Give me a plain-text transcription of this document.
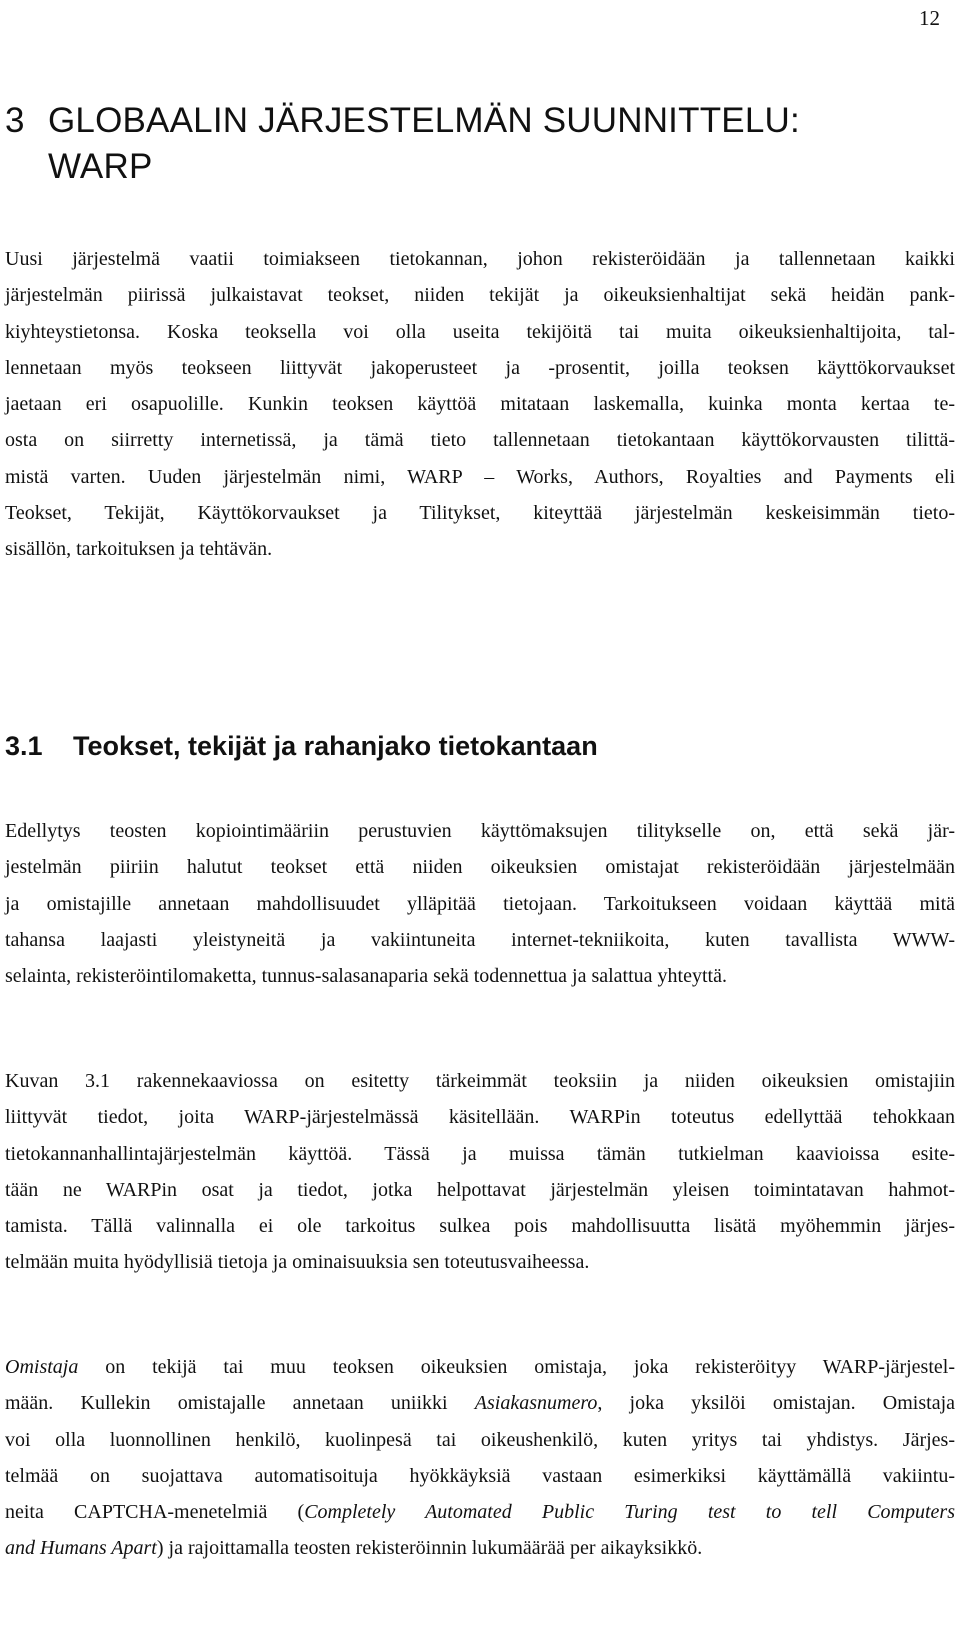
12
3 GLOBAALIN JÄRJESTELMÄN SUUNNITTELU:
WARP
Uusi järjestelmä vaatii toimiakseen tietokannan, johon rekisteröidään ja tallennetaan kaikki
järjestelmän piirissä julkaistavat teokset, niiden tekijät ja oikeuksienhaltijat sekä heidän pank-
kiyhteystietonsa. Koska teoksella voi olla useita tekijöitä tai muita oikeuksienhaltijoita, tal-
lennetaan myös teokseen liittyvät jakoperusteet ja -prosentit, joilla teoksen käyttökorvaukset
jaetaan eri osapuolille. Kunkin teoksen käyttöä mitataan laskemalla, kuinka monta kertaa te-
osta on siirretty internetissä, ja tämä tieto tallennetaan tietokantaan käyttökorvausten tilittä-
mistä varten. Uuden järjestelmän nimi, WARP – Works, Authors, Royalties and Payments eli
Teokset, Tekijät, Käyttökorvaukset ja Tilitykset, kiteyttää järjestelmän keskeisimmän tieto-
sisällön, tarkoituksen ja tehtävän.
3.1 Teokset, tekijät ja rahanjako tietokantaan
Edellytys teosten kopiointimääriin perustuvien käyttömaksujen tilitykselle on, että sekä jär-
jestelmän piiriin halutut teokset että niiden oikeuksien omistajat rekisteröidään järjestelmään
ja omistajille annetaan mahdollisuudet ylläpitää tietojaan. Tarkoitukseen voidaan käyttää mitä
tahansa laajasti yleistyneitä ja vakiintuneita internet-tekniikoita, kuten tavallista WWW-
selainta, rekisteröintilomaketta, tunnus-salasanaparia sekä todennettua ja salattua yhteyttä.
Kuvan 3.1 rakennekaaviossa on esitetty tärkeimmät teoksiin ja niiden oikeuksien omistajiin
liittyvät tiedot, joita WARP-järjestelmässä käsitellään. WARPin toteutus edellyttää tehokkaan
tietokannanhallintajärjestelmän käyttöä. Tässä ja muissa tämän tutkielman kaavioissa esite-
tään ne WARPin osat ja tiedot, jotka helpottavat järjestelmän yleisen toimintatavan hahmot-
tamista. Tällä valinnalla ei ole tarkoitus sulkea pois mahdollisuutta lisätä myöhemmin järjes-
telmään muita hyödyllisiä tietoja ja ominaisuuksia sen toteutusvaiheessa.
Omistaja on tekijä tai muu teoksen oikeuksien omistaja, joka rekisteröityy WARP-järjestel-
mään. Kullekin omistajalle annetaan uniikki Asiakasnumero, joka yksilöi omistajan. Omistaja
voi olla luonnollinen henkilö, kuolinpesä tai oikeushenkilö, kuten yritys tai yhdistys. Järjes-
telmää on suojattava automatisoituja hyökkäyksiä vastaan esimerkiksi käyttämällä vakiintu-
neita CAPTCHA-menetelmiä (Completely Automated Public Turing test to tell Computers
and Humans Apart) ja rajoittamalla teosten rekisteröinnin lukumäärää per aikayksikkö.
